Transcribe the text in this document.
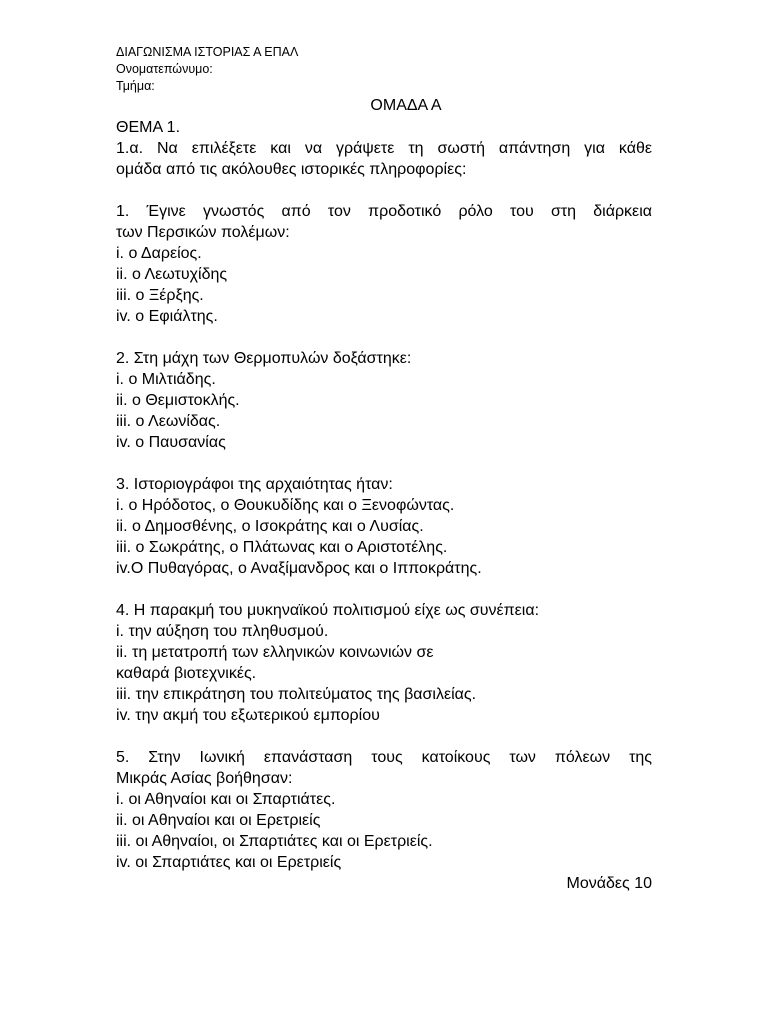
ΔΙΑΓΩΝΙΣΜΑ ΙΣΤΟΡΙΑΣ Α ΕΠΑΛ
Ονοματεπώνυμο:
Τμήμα:
ΟΜΑΔΑ Α
ΘΕΜΑ 1.
1.α. Να επιλέξετε και να γράψετε τη σωστή απάντηση για κάθε
ομάδα από τις ακόλουθες ιστορικές πληροφορίες:
1. Έγινε γνωστός από τον προδοτικό ρόλο του στη διάρκεια
των Περσικών πολέμων:
i. ο Δαρείος.
ii. ο Λεωτυχίδης
iii. ο Ξέρξης.
iv. ο Εφιάλτης.
2. Στη μάχη των Θερμοπυλών δοξάστηκε:
i. ο Μιλτιάδης.
ii. ο Θεμιστοκλής.
iii. ο Λεωνίδας.
iv. ο Παυσανίας
3. Ιστοριογράφοι της αρχαιότητας ήταν:
i. ο Ηρόδοτος, ο Θουκυδίδης και ο Ξενοφώντας.
ii. ο Δημοσθένης, ο Ισοκράτης και ο Λυσίας.
iii. ο Σωκράτης, ο Πλάτωνας και ο Αριστοτέλης.
iv.Ο Πυθαγόρας, ο Αναξίμανδρος και ο Ιπποκράτης.
4. Η παρακμή του μυκηναϊκού πολιτισμού είχε ως συνέπεια:
i. την αύξηση του πληθυσμού.
ii. τη μετατροπή των ελληνικών κοινωνιών σε
καθαρά βιοτεχνικές.
iii. την επικράτηση του πολιτεύματος της βασιλείας.
iv. την ακμή του εξωτερικού εμπορίου
5. Στην Ιωνική επανάσταση τους κατοίκους των πόλεων της
Μικράς Ασίας βοήθησαν:
i. οι Αθηναίοι και οι Σπαρτιάτες.
ii. οι Αθηναίοι και οι Ερετριείς
iii. οι Αθηναίοι, οι Σπαρτιάτες και οι Ερετριείς.
iv. οι Σπαρτιάτες και οι Ερετριείς
Μονάδες 10
